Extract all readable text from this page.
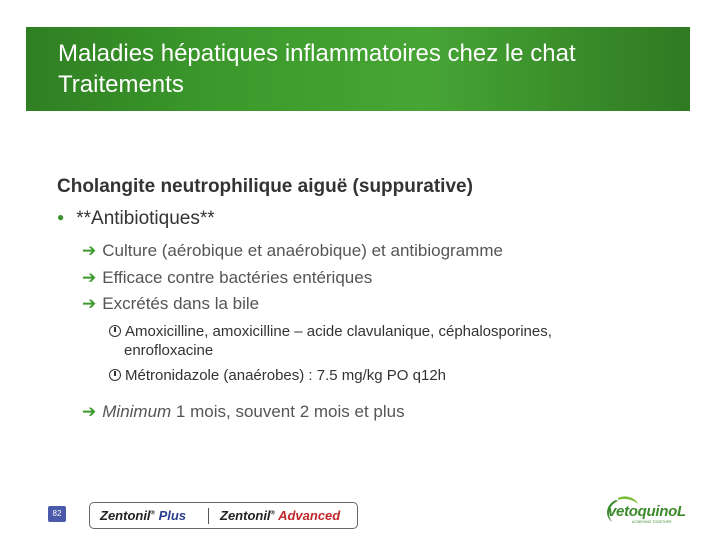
Maladies hépatiques inflammatoires chez le chat
Traitements
Cholangite neutrophilique aiguë (suppurative)
● **Antibiotiques**
➔ Culture (aérobique et anaérobique) et antibiogramme
➔ Efficace contre bactéries entériques
➔ Excrétés dans la bile
Amoxicilline, amoxicilline – acide clavulanique, céphalosporines,
enrofloxacine
Métronidazole (anaérobes) : 7.5 mg/kg PO q12h
➔ Minimum 1 mois, souvent 2 mois et plus
82	Zentonil® Plus	Zentonil® Advanced	vetoquinoL
ACHIEVING TOGETHER
